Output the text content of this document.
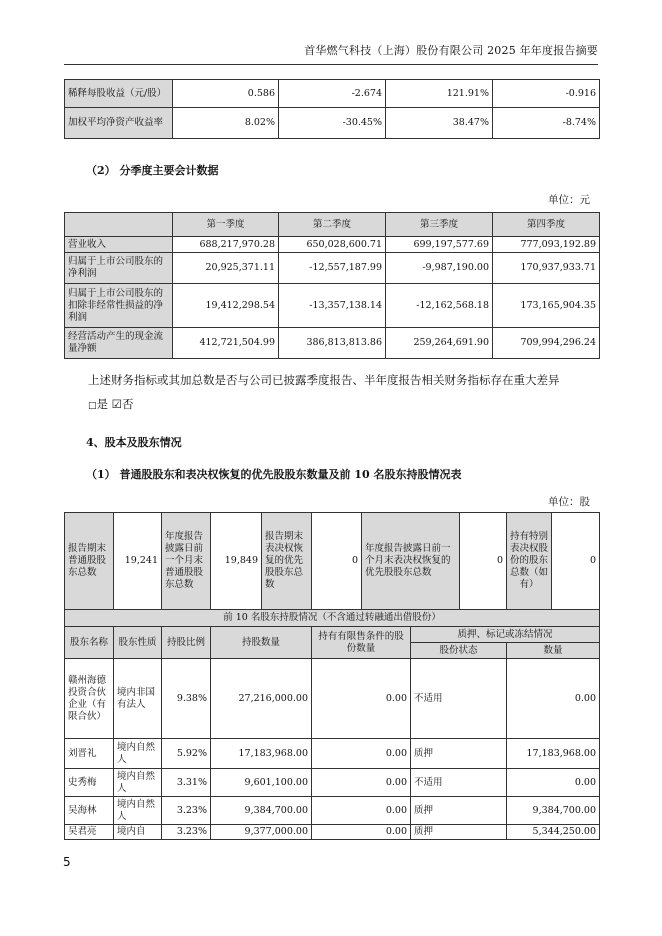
首华燃气科技（上海）股份有限公司 2025 年年度报告摘要
稀释每股收益（元/股）	0.586	-2.674	121.91%	-0.916
加权平均净资产收益率	8.02%	-30.45%	38.47%	-8.74%
（2） 分季度主要会计数据
单位：元
	第一季度	第二季度	第三季度	第四季度
营业收入	688,217,970.28	650,028,600.71	699,197,577.69	777,093,192.89
归属于上市公司股东的净利润	20,925,371.11	-12,557,187.99	-9,987,190.00	170,937,933.71
归属于上市公司股东的扣除非经常性损益的净利润	19,412,298.54	-13,357,138.14	-12,162,568.18	173,165,904.35
经营活动产生的现金流量净额	412,721,504.99	386,813,813.86	259,264,691.90	709,994,296.24
上述财务指标或其加总数是否与公司已披露季度报告、半年度报告相关财务指标存在重大差异
□是 ☑否
4、股本及股东情况
（1） 普通股股东和表决权恢复的优先股股东数量及前 10 名股东持股情况表
单位：股
报告期末普通股股东总数	19,241	年度报告披露日前一个月末普通股股东总数	19,849	报告期末表决权恢复的优先股股东总数	0	年度报告披露日前一个月末表决权恢复的优先股股东总数		0	持有特别表决权股份的股东总数（如有）	0
前 10 名股东持股情况（不含通过转融通出借股份）										
股东名称	股东性质	持股比例	持股数量		持有有限售条件的股份数量		质押、标记或冻结情况			
							股份状态		数量	
赣州海德投资合伙企业（有限合伙）	境内非国有法人	9.38%	27,216,000.00		0.00		不适用		0.00	
刘晋礼	境内自然人	5.92%	17,183,968.00		0.00		质押		17,183,968.00	
史秀梅	境内自然人	3.31%	9,601,100.00		0.00		不适用		0.00	
吴海林	境内自然人	3.23%	9,384,700.00		0.00		质押		9,384,700.00	
吴君亮	境内自	3.23%	9,377,000.00		0.00		质押		5,344,250.00	
5
